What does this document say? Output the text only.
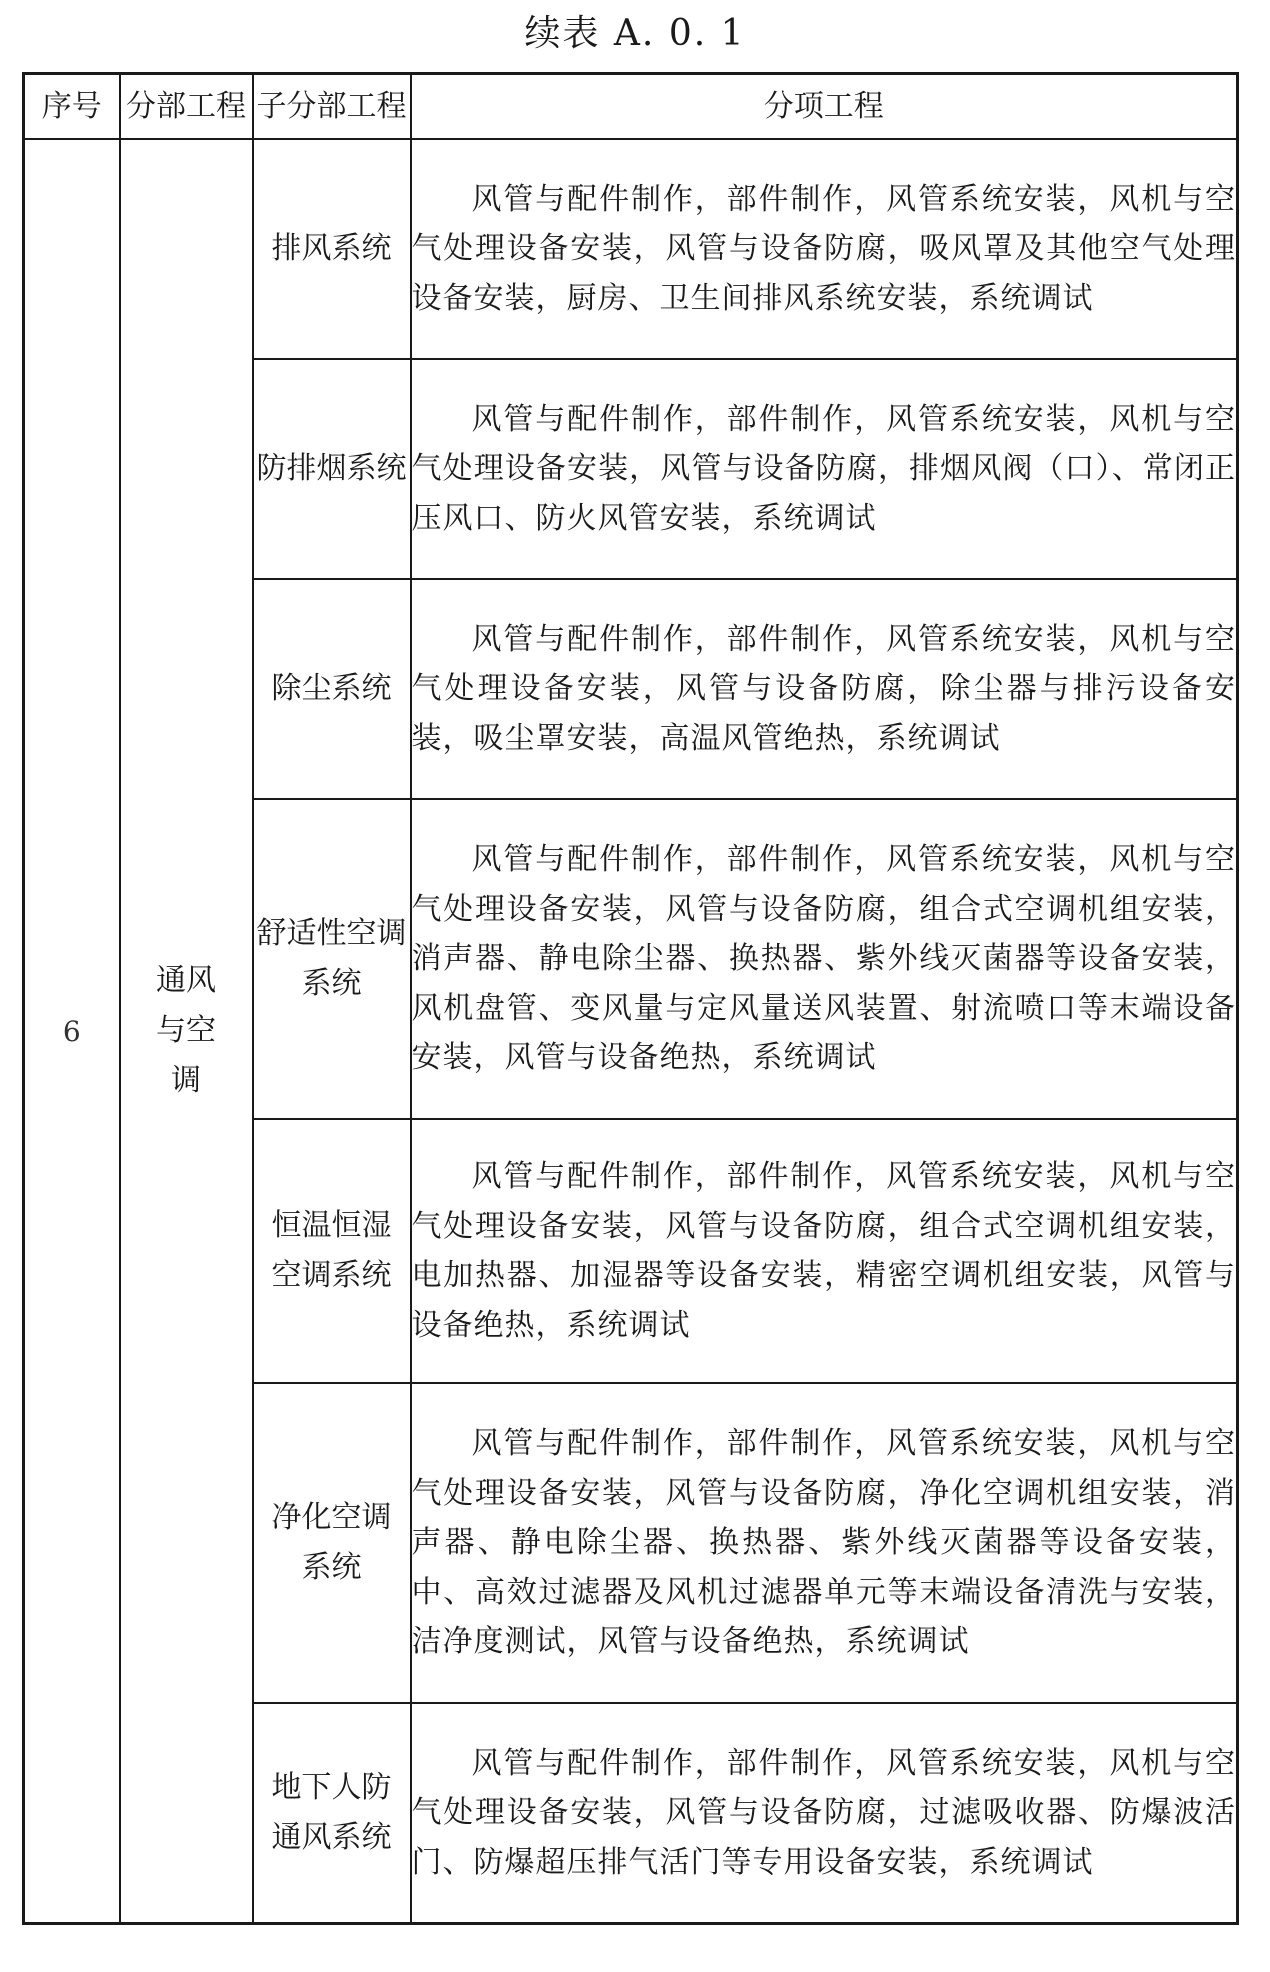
续表 A. 0. 1
序号	分部工程	子分部工程	分项工程
6	通风与空调	排风系统	风管与配件制作，部件制作，风管系统安装，风机与空气处理设备安装，风管与设备防腐，吸风罩及其他空气处理设备安装，厨房、卫生间排风系统安装，系统调试
		防排烟系统	风管与配件制作，部件制作，风管系统安装，风机与空气处理设备安装，风管与设备防腐，排烟风阀（口）、常闭正压风口、防火风管安装，系统调试
		除尘系统	风管与配件制作，部件制作，风管系统安装，风机与空气处理设备安装，风管与设备防腐，除尘器与排污设备安装，吸尘罩安装，高温风管绝热，系统调试

		舒适性空调系统	风管与配件制作，部件制作，风管系统安装，风机与空气处理设备安装，风管与设备防腐，组合式空调机组安装，消声器、静电除尘器、换热器、紫外线灭菌器等设备安装，风机盘管、变风量与定风量送风装置、射流喷口等末端设备安装，风管与设备绝热，系统调试

		恒温恒湿空调系统	风管与配件制作，部件制作，风管系统安装，风机与空气处理设备安装，风管与设备防腐，组合式空调机组安装，电加热器、加湿器等设备安装，精密空调机组安装，风管与设备绝热，系统调试

		净化空调系统	风管与配件制作，部件制作，风管系统安装，风机与空气处理设备安装，风管与设备防腐，净化空调机组安装，消声器、静电除尘器、换热器、紫外线灭菌器等设备安装，中、高效过滤器及风机过滤器单元等末端设备清洗与安装，洁净度测试，风管与设备绝热，系统调试

		地下人防通风系统	风管与配件制作，部件制作，风管系统安装，风机与空气处理设备安装，风管与设备防腐，过滤吸收器、防爆波活门、防爆超压排气活门等专用设备安装，系统调试
